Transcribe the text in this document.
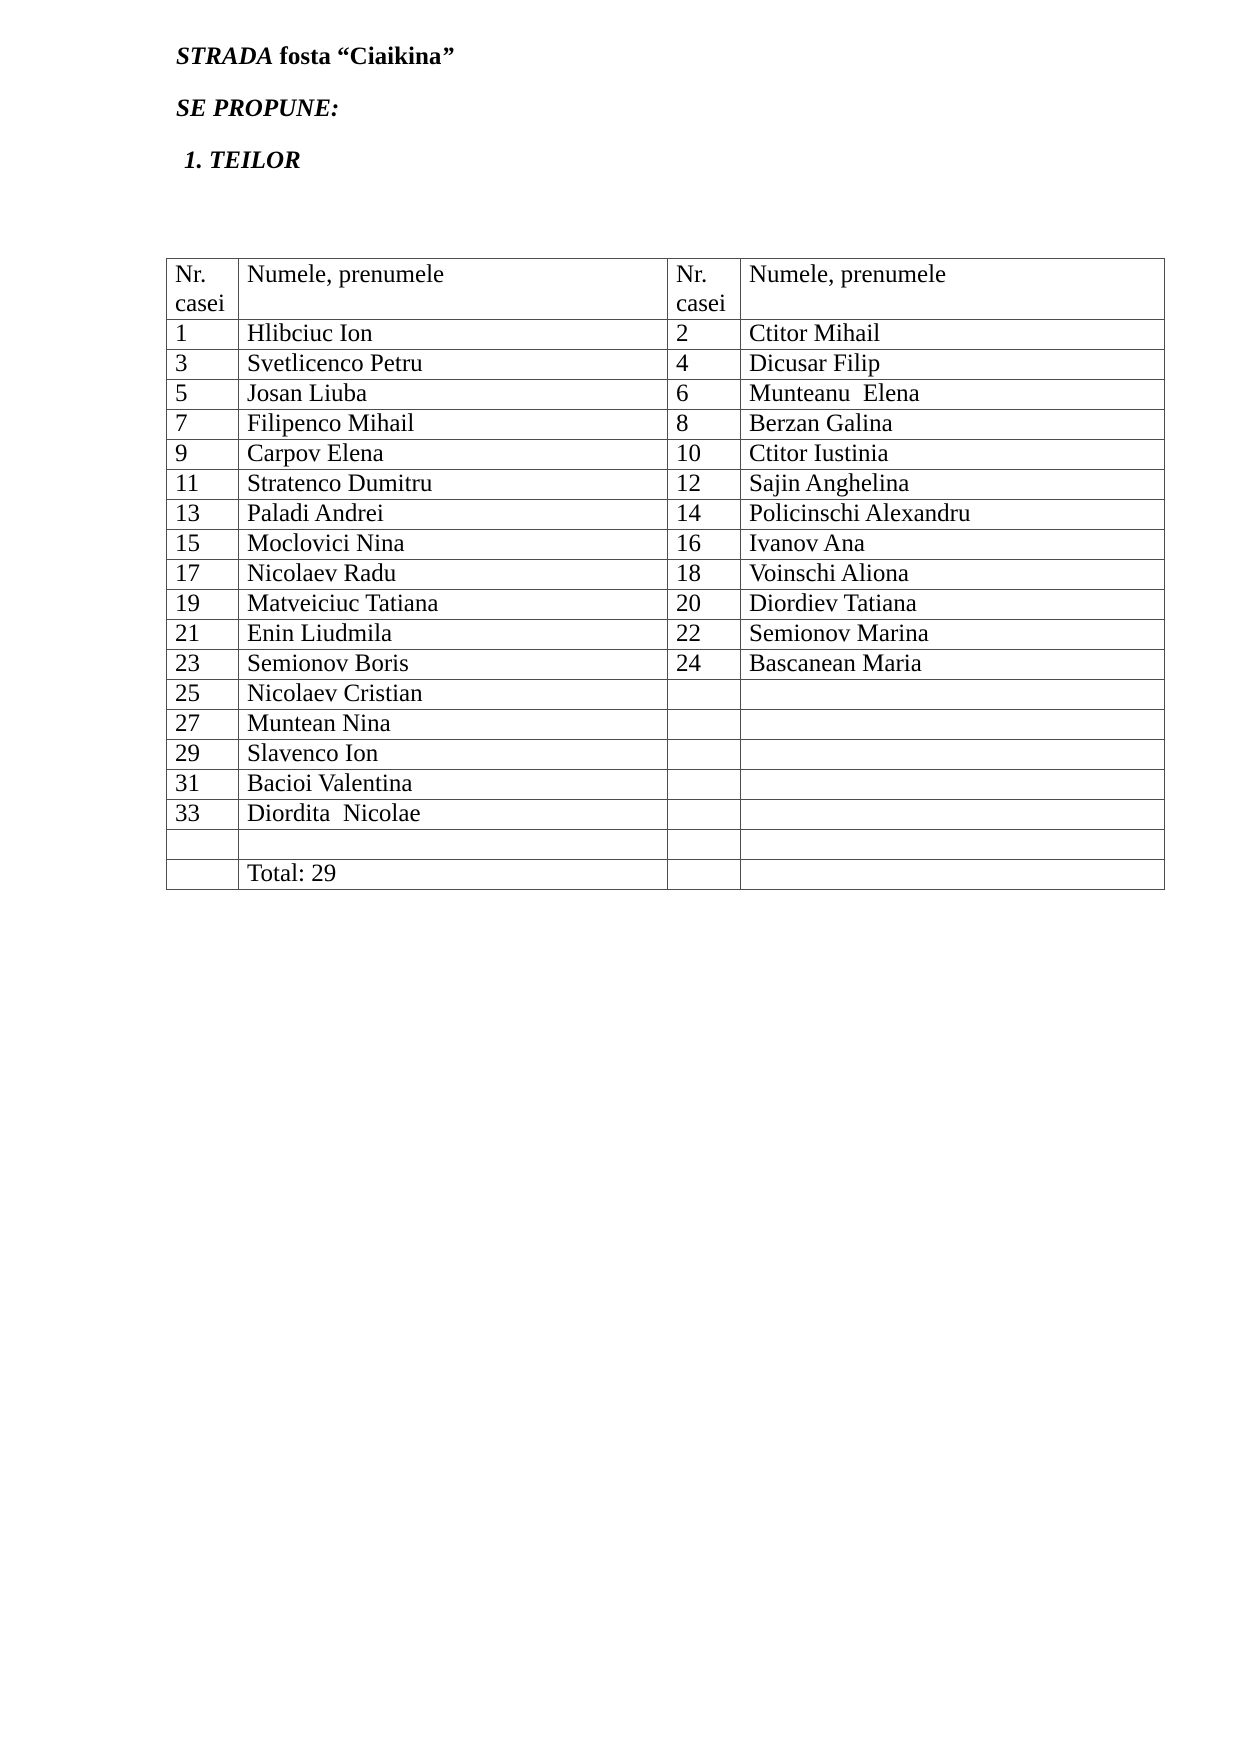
STRADA fosta “Ciaikina”

SE PROPUNE:

1. TEILOR

Nr. casei	Numele, prenumele	Nr. casei	Numele, prenumele
1	Hlibciuc Ion	2	Ctitor Mihail
3	Svetlicenco Petru	4	Dicusar Filip
5	Josan Liuba	6	Munteanu  Elena
7	Filipenco Mihail	8	Berzan Galina
9	Carpov Elena	10	Ctitor Iustinia
11	Stratenco Dumitru	12	Sajin Anghelina
13	Paladi Andrei	14	Policinschi Alexandru
15	Moclovici Nina	16	Ivanov Ana
17	Nicolaev Radu	18	Voinschi Aliona
19	Matveiciuc Tatiana	20	Diordiev Tatiana
21	Enin Liudmila	22	Semionov Marina
23	Semionov Boris	24	Bascanean Maria
25	Nicolaev Cristian		
27	Muntean Nina		
29	Slavenco Ion		
31	Bacioi Valentina		
33	Diordita  Nicolae		

	Total: 29		
